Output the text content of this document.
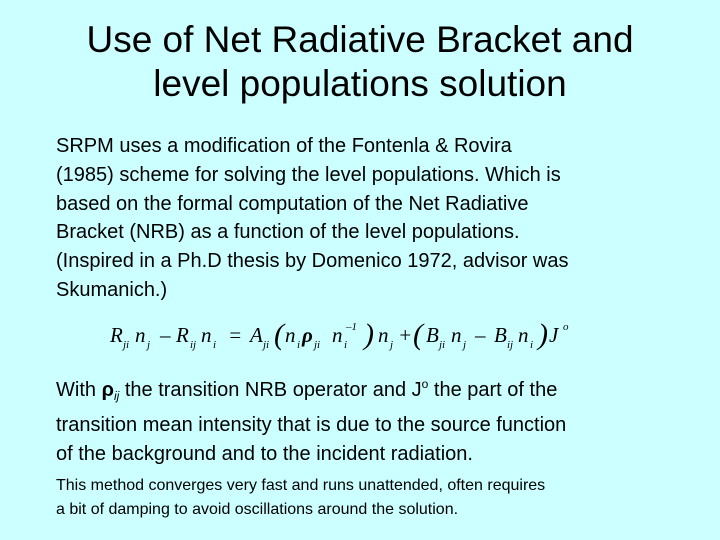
Use of Net Radiative Bracket and
level populations solution
SRPM uses a modification of the Fontenla & Rovira
(1985) scheme for solving the level populations. Which is
based on the formal computation of the Net Radiative
Bracket (NRB) as a function of the level populations.
(Inspired in a Ph.D thesis by Domenico 1972, advisor was
Skumanich.)
R ji n j – R ij n i = A ji ( n i ρ ji n i
–1 ) n j + ( B ji n j – B ij n i ) J o
With $\rho_{ij}$ the transition NRB operator and $J^o$ the part of the
transition mean intensity that is due to the source function
of the background and to the incident radiation.
This method converges very fast and runs unattended, often requires
a bit of damping to avoid oscillations around the solution.
